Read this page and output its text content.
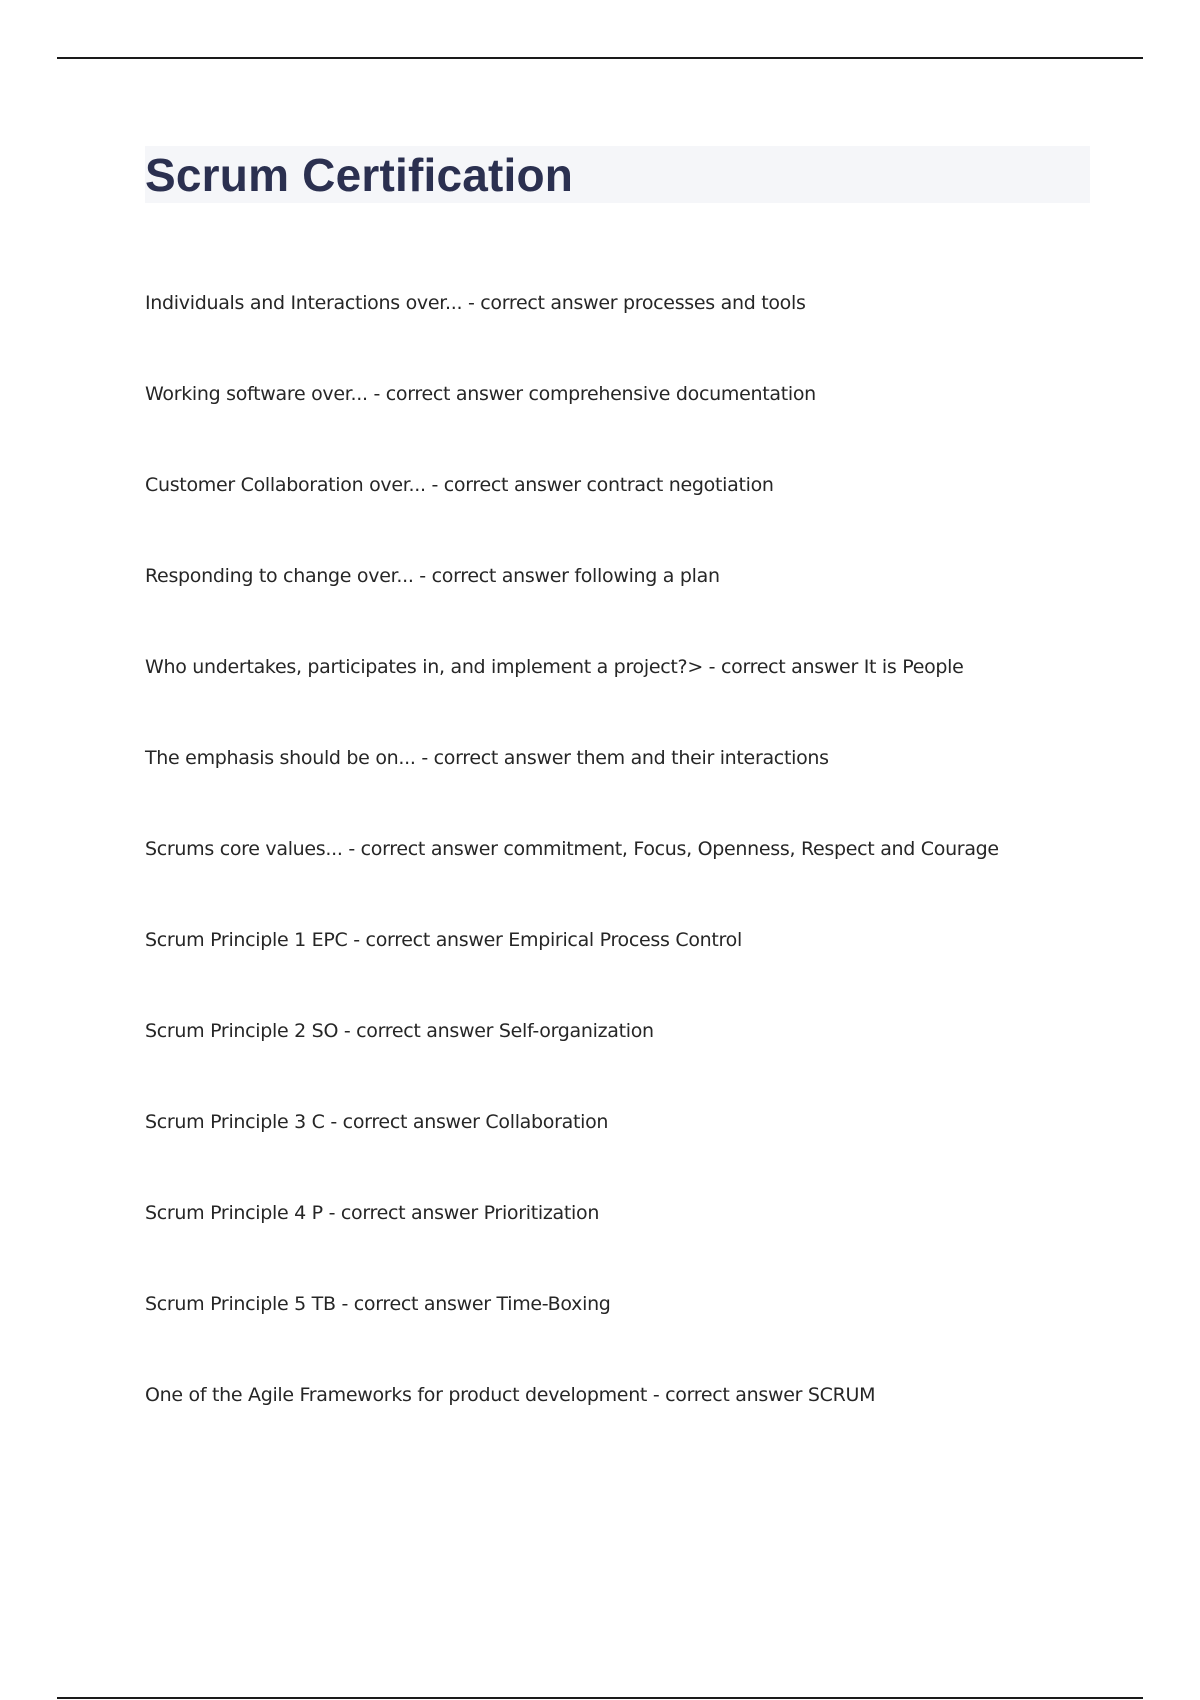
Scrum Certification
Individuals and Interactions over... - correct answer processes and tools
Working software over... - correct answer comprehensive documentation
Customer Collaboration over... - correct answer contract negotiation
Responding to change over... - correct answer following a plan
Who undertakes, participates in, and implement a project?> - correct answer It is People
The emphasis should be on... - correct answer them and their interactions
Scrums core values... - correct answer commitment, Focus, Openness, Respect and Courage
Scrum Principle 1 EPC - correct answer Empirical Process Control
Scrum Principle 2 SO - correct answer Self-organization
Scrum Principle 3 C - correct answer Collaboration
Scrum Principle 4 P - correct answer Prioritization
Scrum Principle 5 TB - correct answer Time-Boxing
One of the Agile Frameworks for product development - correct answer SCRUM
